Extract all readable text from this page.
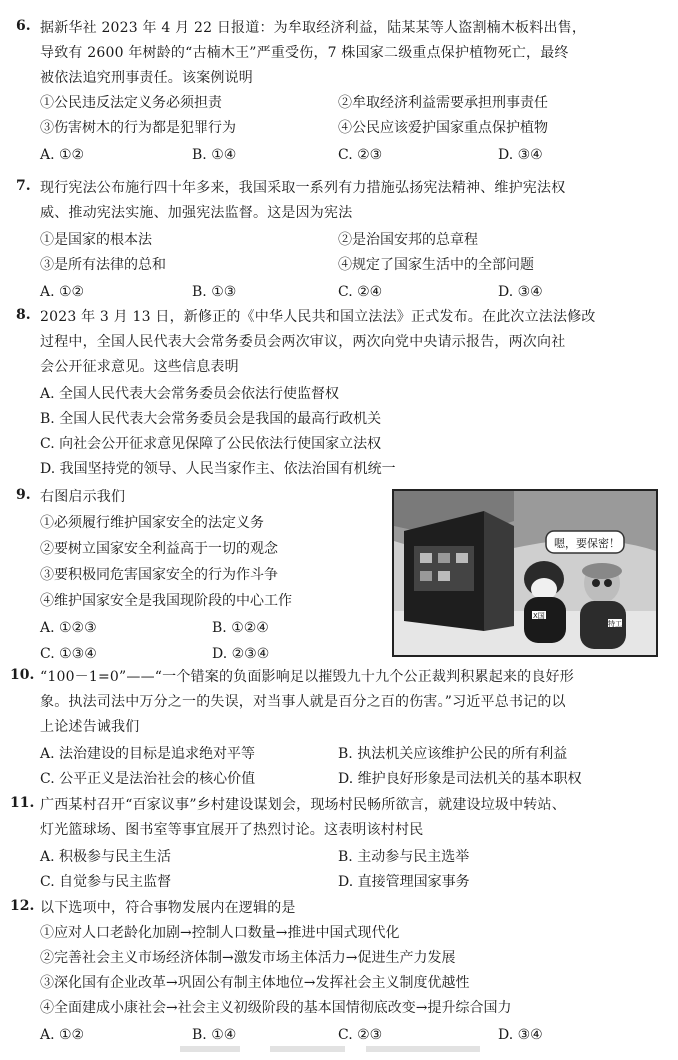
6. 据新华社 2023 年 4 月 22 日报道：为牟取经济利益，陆某某等人盗割楠木板料出售，
导致有 2600 年树龄的“古楠木王”严重受伤，7 株国家二级重点保护植物死亡，最终
被依法追究刑事责任。该案例说明
①公民违反法定义务必须担责	②牟取经济利益需要承担刑事责任
③伤害树木的行为都是犯罪行为	④公民应该爱护国家重点保护植物
A. ①②	B. ①④	C. ②③	D. ③④
7. 现行宪法公布施行四十年多来，我国采取一系列有力措施弘扬宪法精神、维护宪法权
威、推动宪法实施、加强宪法监督。这是因为宪法
①是国家的根本法	②是治国安邦的总章程
③是所有法律的总和	④规定了国家生活中的全部问题
A. ①②	B. ①③	C. ②④	D. ③④
8. 2023 年 3 月 13 日，新修正的《中华人民共和国立法法》正式发布。在此次立法法修改
过程中，全国人民代表大会常务委员会两次审议，两次向党中央请示报告，两次向社
会公开征求意见。这些信息表明
A. 全国人民代表大会常务委员会依法行使监督权
B. 全国人民代表大会常务委员会是我国的最高行政机关
C. 向社会公开征求意见保障了公民依法行使国家立法权
D. 我国坚持党的领导、人民当家作主、依法治国有机统一
9. 右图启示我们
①必须履行维护国家安全的法定义务
②要树立国家安全利益高于一切的观念
③要积极同危害国家安全的行为作斗争
④维护国家安全是我国现阶段的中心工作
A. ①②③	B. ①②④
C. ①③④	D. ②③④
嗯，要保密！
X国
特工
10. “100－1=0”——“一个错案的负面影响足以摧毁九十九个公正裁判积累起来的良好形
象。执法司法中万分之一的失误，对当事人就是百分之百的伤害。”习近平总书记的以
上论述告诫我们
A. 法治建设的目标是追求绝对平等	B. 执法机关应该维护公民的所有利益
C. 公平正义是法治社会的核心价值	D. 维护良好形象是司法机关的基本职权
11. 广西某村召开“百家议事”乡村建设谋划会，现场村民畅所欲言，就建设垃圾中转站、
灯光篮球场、图书室等事宜展开了热烈讨论。这表明该村村民
A. 积极参与民主生活	B. 主动参与民主选举
C. 自觉参与民主监督	D. 直接管理国家事务
12. 以下选项中，符合事物发展内在逻辑的是
①应对人口老龄化加剧→控制人口数量→推进中国式现代化
②完善社会主义市场经济体制→激发市场主体活力→促进生产力发展
③深化国有企业改革→巩固公有制主体地位→发挥社会主义制度优越性
④全面建成小康社会→社会主义初级阶段的基本国情彻底改变→提升综合国力
A. ①②	B. ①④	C. ②③	D. ③④
